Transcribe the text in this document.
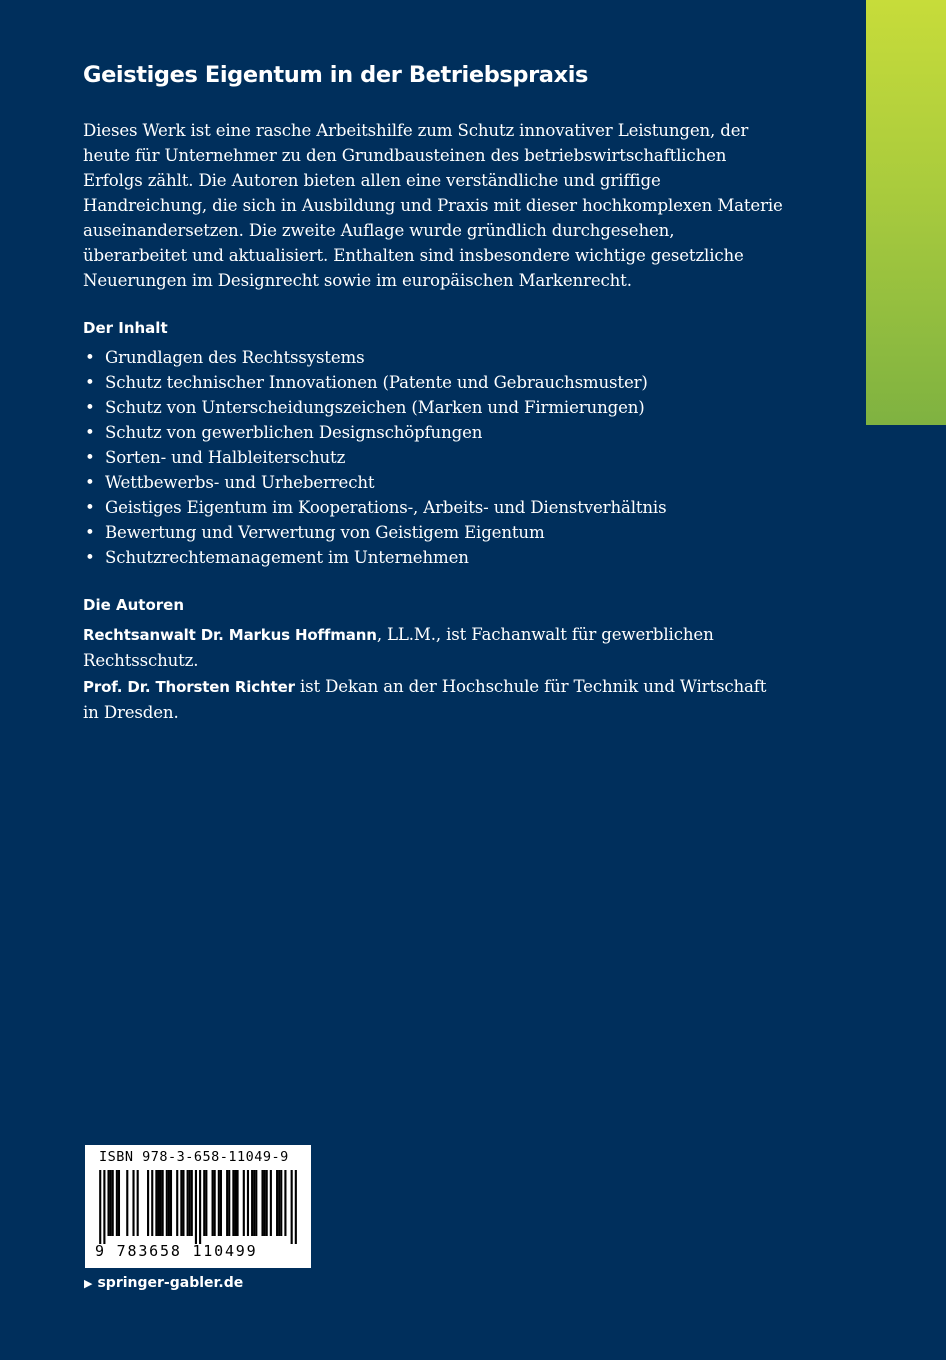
Geistiges Eigentum in der Betriebspraxis

Dieses Werk ist eine rasche Arbeitshilfe zum Schutz innovativer Leistungen, der heute für Unternehmer zu den Grundbausteinen des betriebswirtschaftlichen Erfolgs zählt. Die Autoren bieten allen eine verständliche und griffige Handreichung, die sich in Ausbildung und Praxis mit dieser hochkomplexen Materie auseinandersetzen. Die zweite Auflage wurde gründlich durchgesehen, überarbeitet und aktualisiert. Enthalten sind insbesondere wichtige gesetzliche Neuerungen im Designrecht sowie im europäischen Markenrecht.

Der Inhalt
• Grundlagen des Rechtssystems
• Schutz technischer Innovationen (Patente und Gebrauchsmuster)
• Schutz von Unterscheidungszeichen (Marken und Firmierungen)
• Schutz von gewerblichen Designschöpfungen
• Sorten- und Halbleiterschutz
• Wettbewerbs- und Urheberrecht
• Geistiges Eigentum im Kooperations-, Arbeits- und Dienstverhältnis
• Bewertung und Verwertung von Geistigem Eigentum
• Schutzrechtemanagement im Unternehmen
Die Autoren

Rechtsanwalt Dr. Markus Hoffmann, LL.M., ist Fachanwalt für gewerblichen Rechtsschutz.
Prof. Dr. Thorsten Richter ist Dekan an der Hochschule für Technik und Wirtschaft in Dresden.

ISBN 978-3-658-11049-9
9 783658 110499
▶ springer-gabler.de
